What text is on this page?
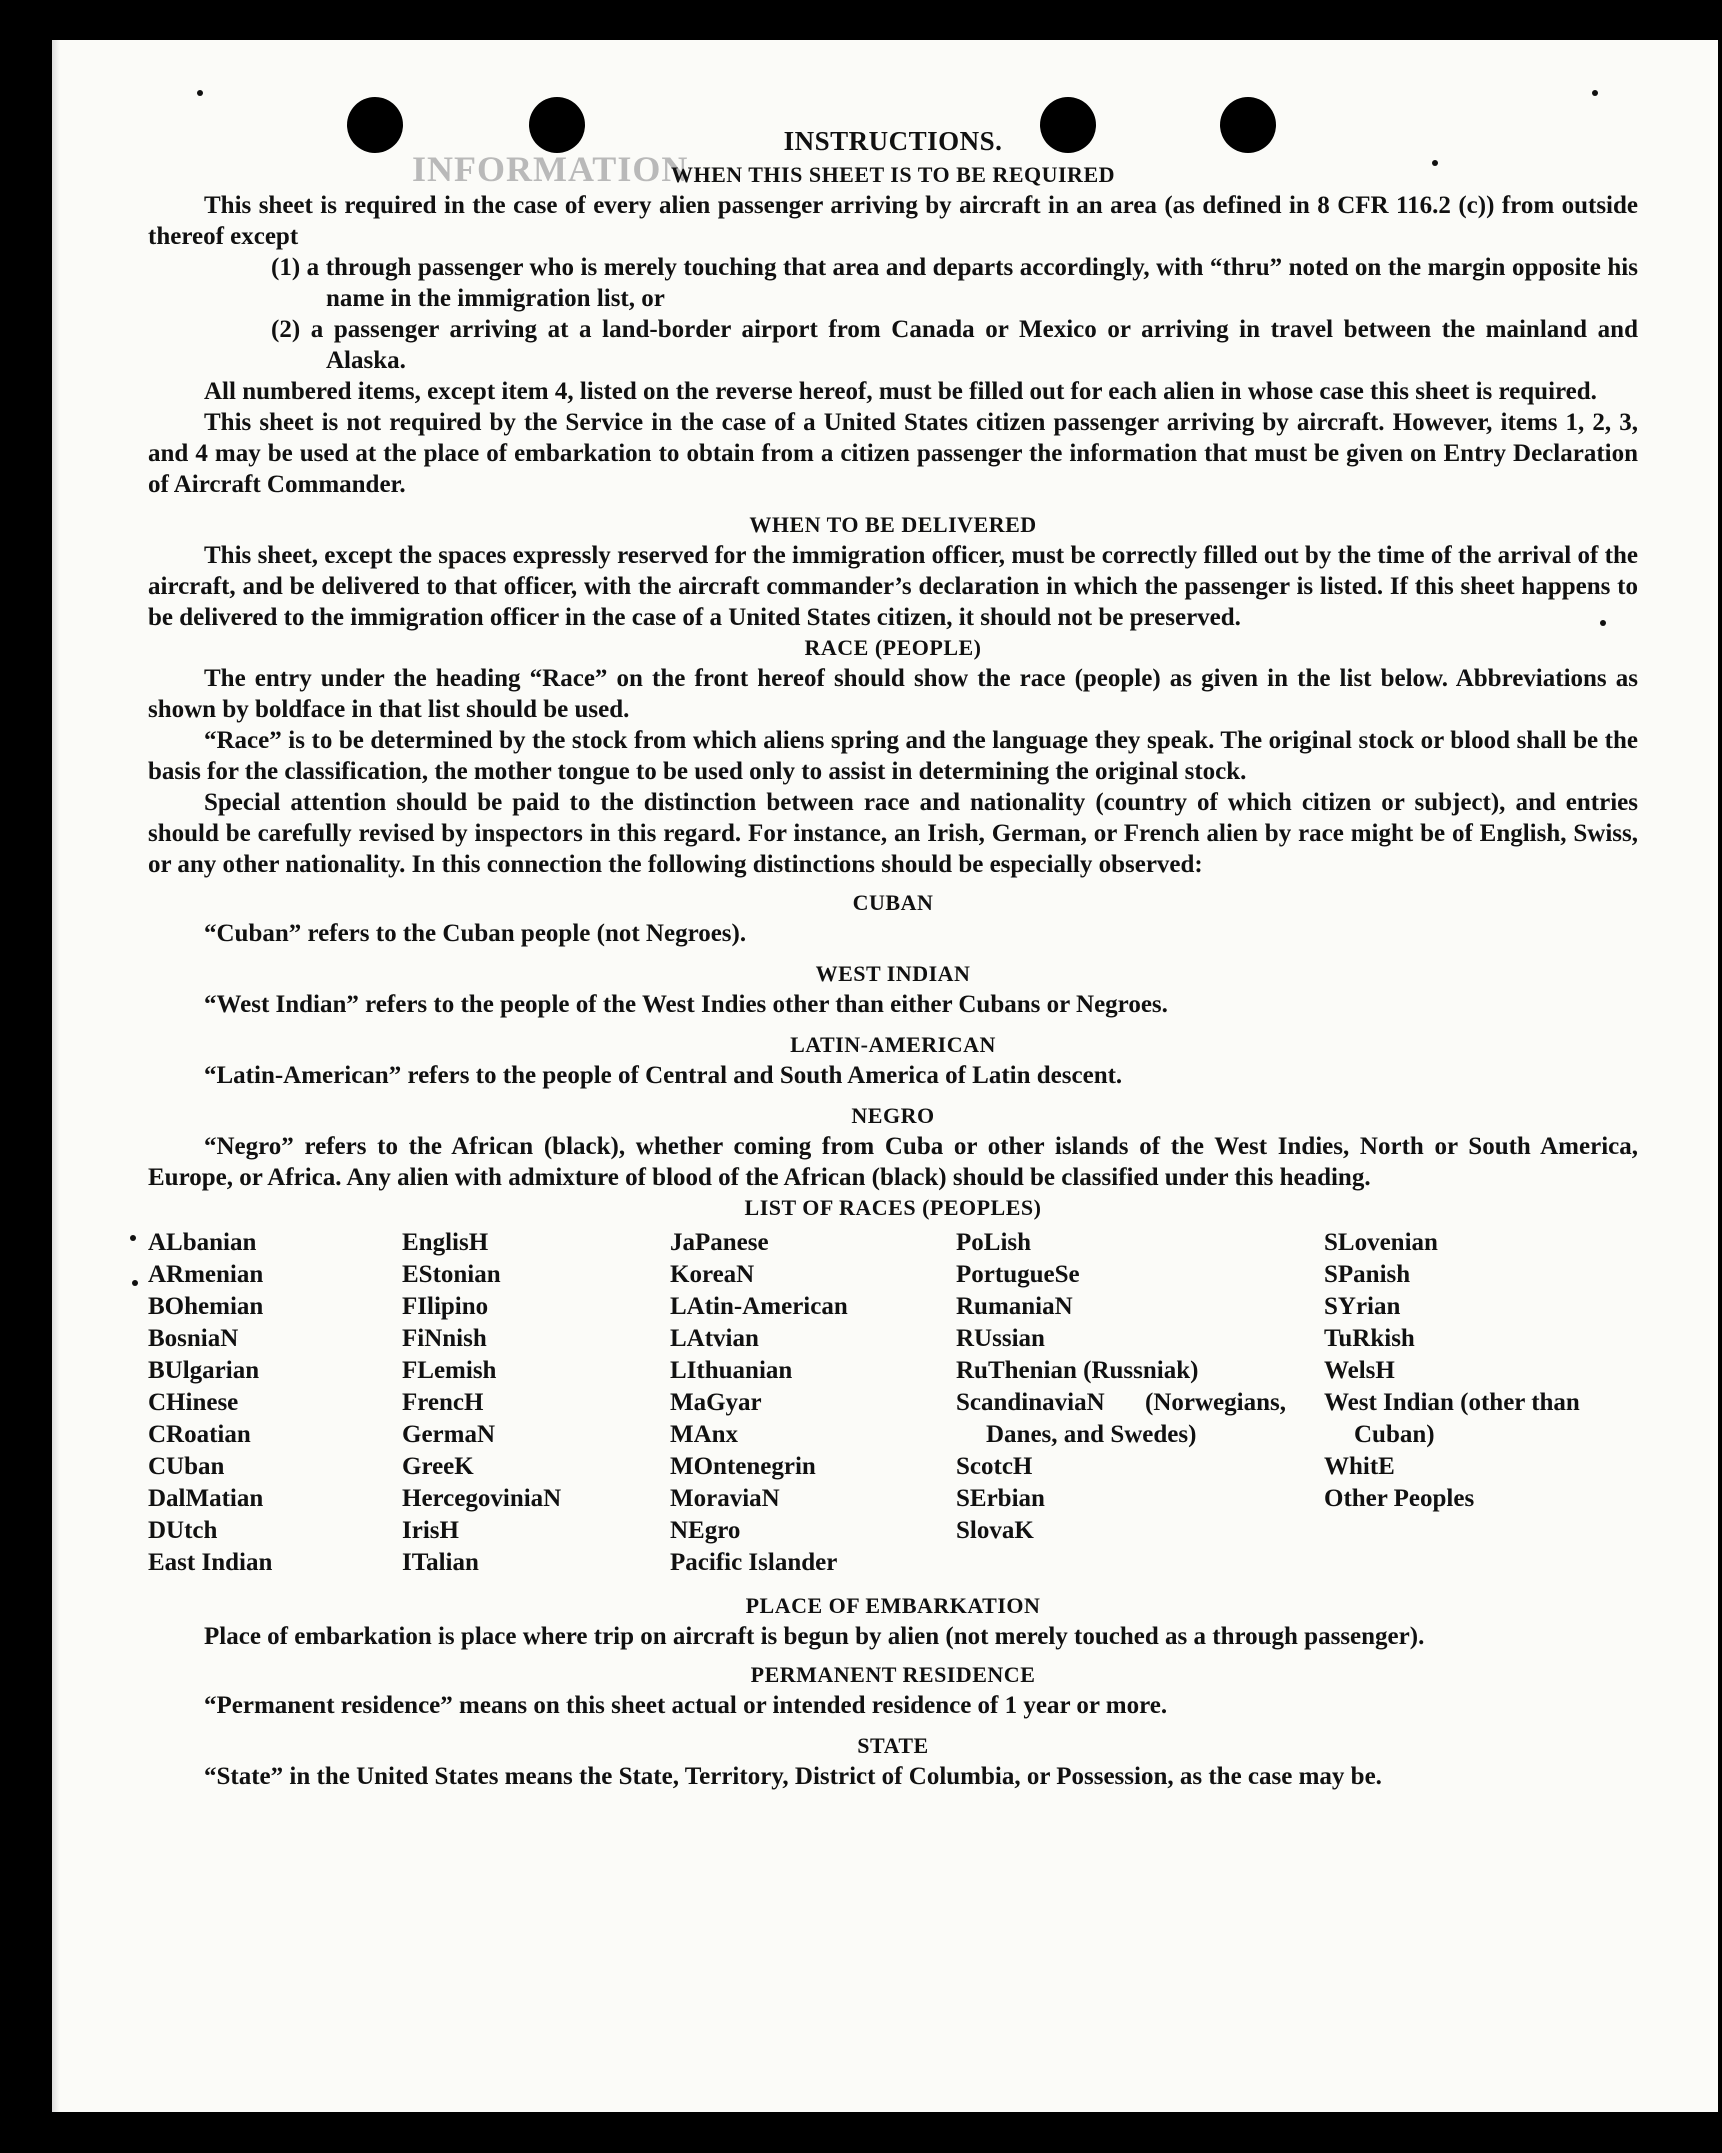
INFORMATION
INSTRUCTIONS.
WHEN THIS SHEET IS TO BE REQUIRED

This sheet is required in the case of every alien passenger arriving by aircraft in an area (as defined in 8 CFR 116.2 (c)) from outside thereof except

(1) a through passenger who is merely touching that area and departs accordingly, with “thru” noted on the margin opposite his name in the immigration list, or

(2) a passenger arriving at a land-border airport from Canada or Mexico or arriving in travel between the mainland and Alaska.

All numbered items, except item 4, listed on the reverse hereof, must be filled out for each alien in whose case this sheet is required.

This sheet is not required by the Service in the case of a United States citizen passenger arriving by aircraft. However, items 1, 2, 3, and 4 may be used at the place of embarkation to obtain from a citizen passenger the information that must be given on Entry Declaration of Aircraft Commander.

WHEN TO BE DELIVERED

This sheet, except the spaces expressly reserved for the immigration officer, must be correctly filled out by the time of the arrival of the aircraft, and be delivered to that officer, with the aircraft commander’s declaration in which the passenger is listed. If this sheet happens to be delivered to the immigration officer in the case of a United States citizen, it should not be preserved.

RACE (PEOPLE)

The entry under the heading “Race” on the front hereof should show the race (people) as given in the list below. Abbreviations as shown by boldface in that list should be used.

“Race” is to be determined by the stock from which aliens spring and the language they speak. The original stock or blood shall be the basis for the classification, the mother tongue to be used only to assist in determining the original stock.

Special attention should be paid to the distinction between race and nationality (country of which citizen or subject), and entries should be carefully revised by inspectors in this regard. For instance, an Irish, German, or French alien by race might be of English, Swiss, or any other nationality. In this connection the following distinctions should be especially observed:

CUBAN

“Cuban” refers to the Cuban people (not Negroes).

WEST INDIAN

“West Indian” refers to the people of the West Indies other than either Cubans or Negroes.

LATIN-AMERICAN

“Latin-American” refers to the people of Central and South America of Latin descent.

NEGRO

“Negro” refers to the African (black), whether coming from Cuba or other islands of the West Indies, North or South America, Europe, or Africa. Any alien with admixture of blood of the African (black) should be classified under this heading.

LIST OF RACES (PEOPLES)
ALbanian
ARmenian
BOhemian
BosniaN
BUlgarian
CHinese
CRoatian
CUban
DalMatian
DUtch
East Indian
EnglisH
EStonian
FIlipino
FiNnish
FLemish
FrencH
GermaN
GreeK
HercegoviniaN
IrisH
ITalian
JaPanese
KoreaN
LAtin-American
LAtvian
LIthuanian
MaGyar
MAnx
MOntenegrin
MoraviaN
NEgro
Pacific Islander
PoLish
PortugueSe
RumaniaN
RUssian
RuThenian (Russniak)
ScandinaviaN (Norwegians, Danes, and Swedes)
ScotcH
SErbian
SlovaK
SLovenian
SPanish
SYrian
TuRkish
WelsH
West Indian (other than Cuban)
WhitE
Other Peoples
PLACE OF EMBARKATION

Place of embarkation is place where trip on aircraft is begun by alien (not merely touched as a through passenger).

PERMANENT RESIDENCE

“Permanent residence” means on this sheet actual or intended residence of 1 year or more.

STATE

“State” in the United States means the State, Territory, District of Columbia, or Possession, as the case may be.
